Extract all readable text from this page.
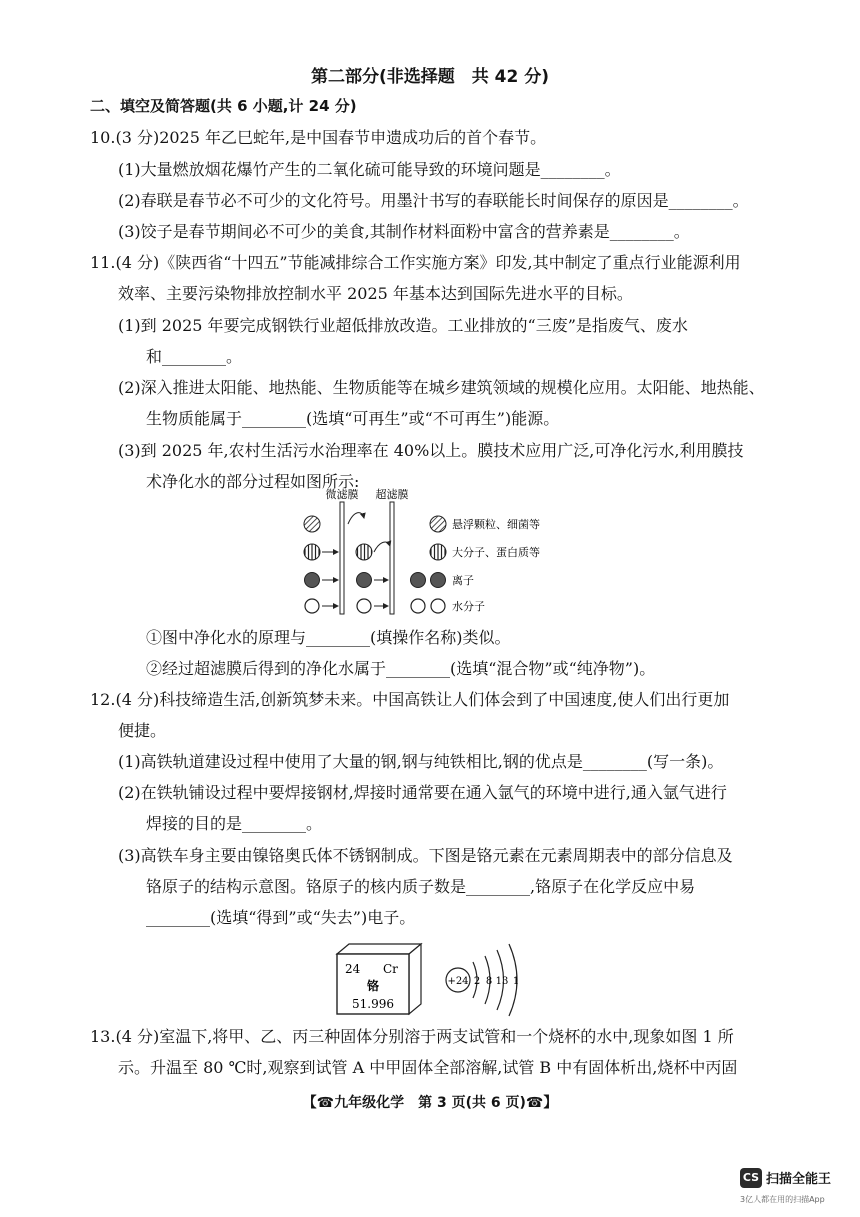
第二部分(非选择题　共 42 分)
二、填空及简答题(共 6 小题,计 24 分)
10.(3 分)2025 年乙巳蛇年,是中国春节申遗成功后的首个春节。
(1)大量燃放烟花爆竹产生的二氧化硫可能导致的环境问题是________。
(2)春联是春节必不可少的文化符号。用墨汁书写的春联能长时间保存的原因是________。
(3)饺子是春节期间必不可少的美食,其制作材料面粉中富含的营养素是________。
11.(4 分)《陕西省“十四五”节能减排综合工作实施方案》印发,其中制定了重点行业能源利用
效率、主要污染物排放控制水平 2025 年基本达到国际先进水平的目标。
(1)到 2025 年要完成钢铁行业超低排放改造。工业排放的“三废”是指废气、废水
和________。
(2)深入推进太阳能、地热能、生物质能等在城乡建筑领域的规模化应用。太阳能、地热能、
生物质能属于________(选填“可再生”或“不可再生”)能源。
(3)到 2025 年,农村生活污水治理率在 40%以上。膜技术应用广泛,可净化污水,利用膜技
术净化水的部分过程如图所示:
微滤膜 超滤膜
悬浮颗粒、细菌等
大分子、蛋白质等
离子
水分子
①图中净化水的原理与________(填操作名称)类似。
②经过超滤膜后得到的净化水属于________(选填“混合物”或“纯净物”)。
12.(4 分)科技缔造生活,创新筑梦未来。中国高铁让人们体会到了中国速度,使人们出行更加
便捷。
(1)高铁轨道建设过程中使用了大量的钢,钢与纯铁相比,钢的优点是________(写一条)。
(2)在铁轨铺设过程中要焊接钢材,焊接时通常要在通入氩气的环境中进行,通入氩气进行
焊接的目的是________。
(3)高铁车身主要由镍铬奥氏体不锈钢制成。下图是铬元素在元素周期表中的部分信息及
铬原子的结构示意图。铬原子的核内质子数是________,铬原子在化学反应中易
________(选填“得到”或“失去”)电子。
24 Cr
铬
51.996
+24 2 8 13 1
13.(4 分)室温下,将甲、乙、丙三种固体分别溶于两支试管和一个烧杯的水中,现象如图 1 所
示。升温至 80 ℃时,观察到试管 A 中甲固体全部溶解,试管 B 中有固体析出,烧杯中丙固
【☎九年级化学　第 3 页(共 6 页)☎】
CS 扫描全能王
3亿人都在用的扫描App
